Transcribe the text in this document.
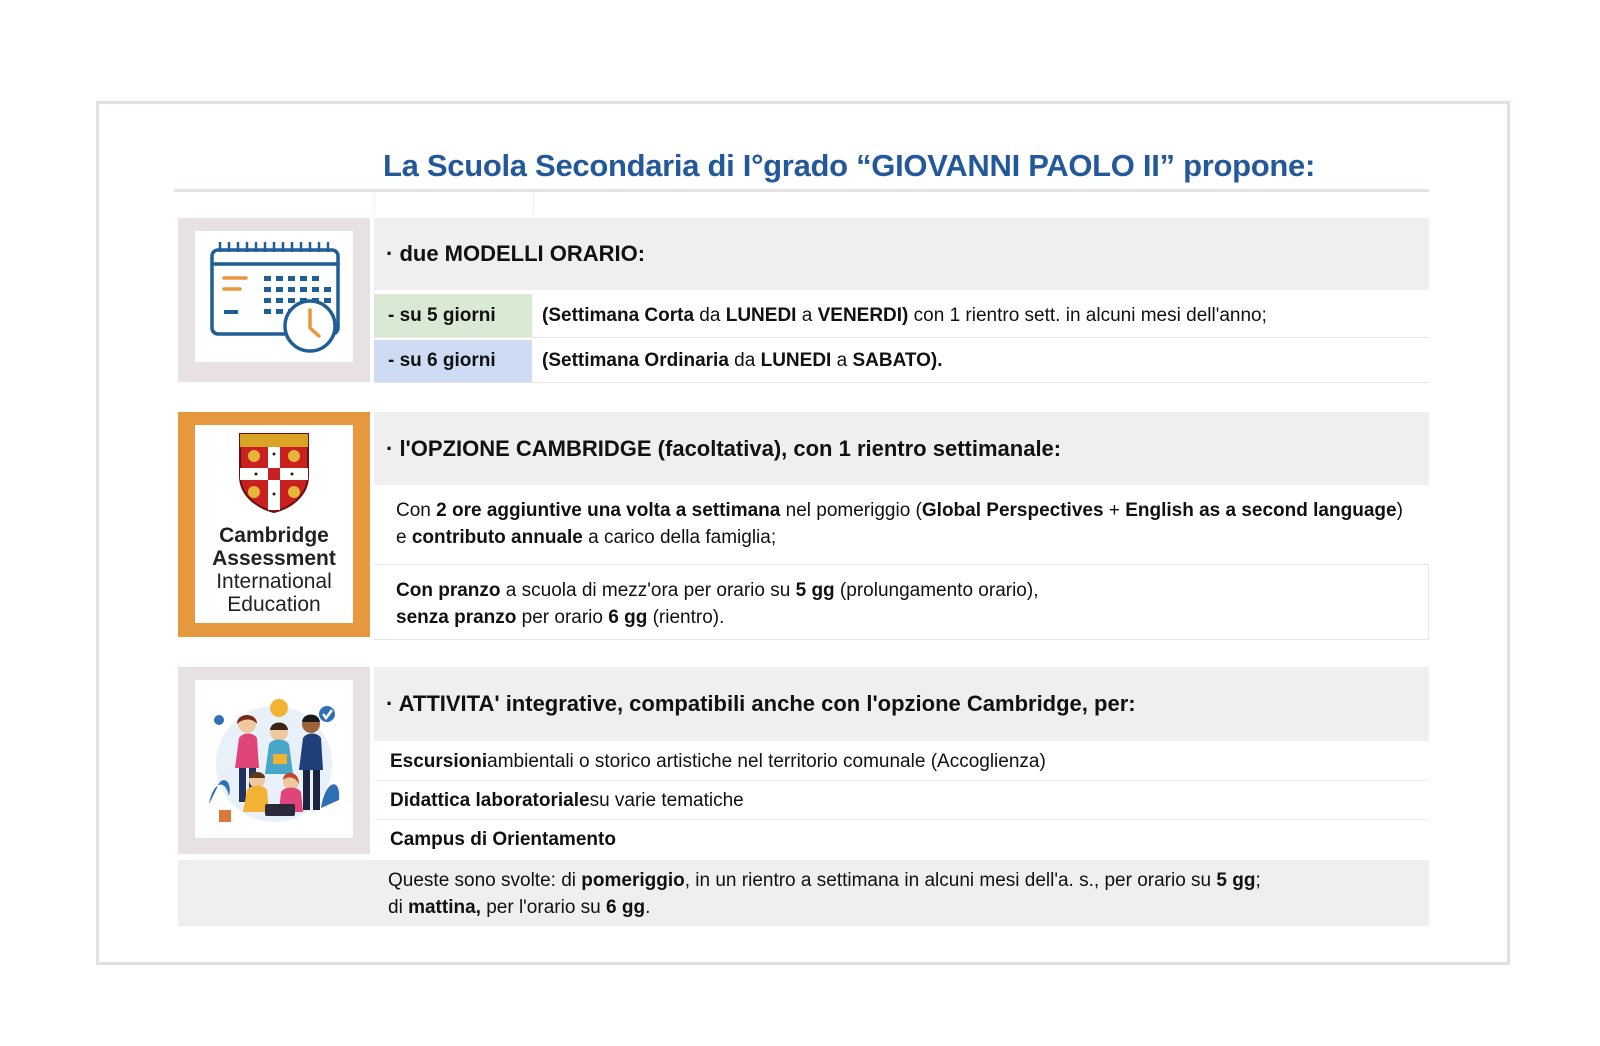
La Scuola Secondaria di I°grado “GIOVANNI PAOLO II” propone:
· due MODELLI ORARIO:
- su 5 giorni	(Settimana Corta da LUNEDI a VENERDI) con 1 rientro sett. in alcuni mesi dell'anno;
- su 6 giorni	(Settimana Ordinaria da LUNEDI a SABATO).
Cambridge
Assessment
International
Education
· l'OPZIONE CAMBRIDGE (facoltativa), con 1 rientro settimanale:
Con 2 ore aggiuntive una volta a settimana nel pomeriggio (Global Perspectives + English as a second language)
e contributo annuale a carico della famiglia;
Con pranzo a scuola di mezz'ora per orario su 5 gg (prolungamento orario),
senza pranzo per orario 6 gg (rientro).
· ATTIVITA' integrative, compatibili anche con l'opzione Cambridge, per:
Escursioni ambientali o storico artistiche nel territorio comunale (Accoglienza)
Didattica laboratoriale su varie tematiche
Campus di Orientamento
Queste sono svolte: di pomeriggio, in un rientro a settimana in alcuni mesi dell'a. s., per orario su 5 gg;
di mattina, per l'orario su 6 gg.
